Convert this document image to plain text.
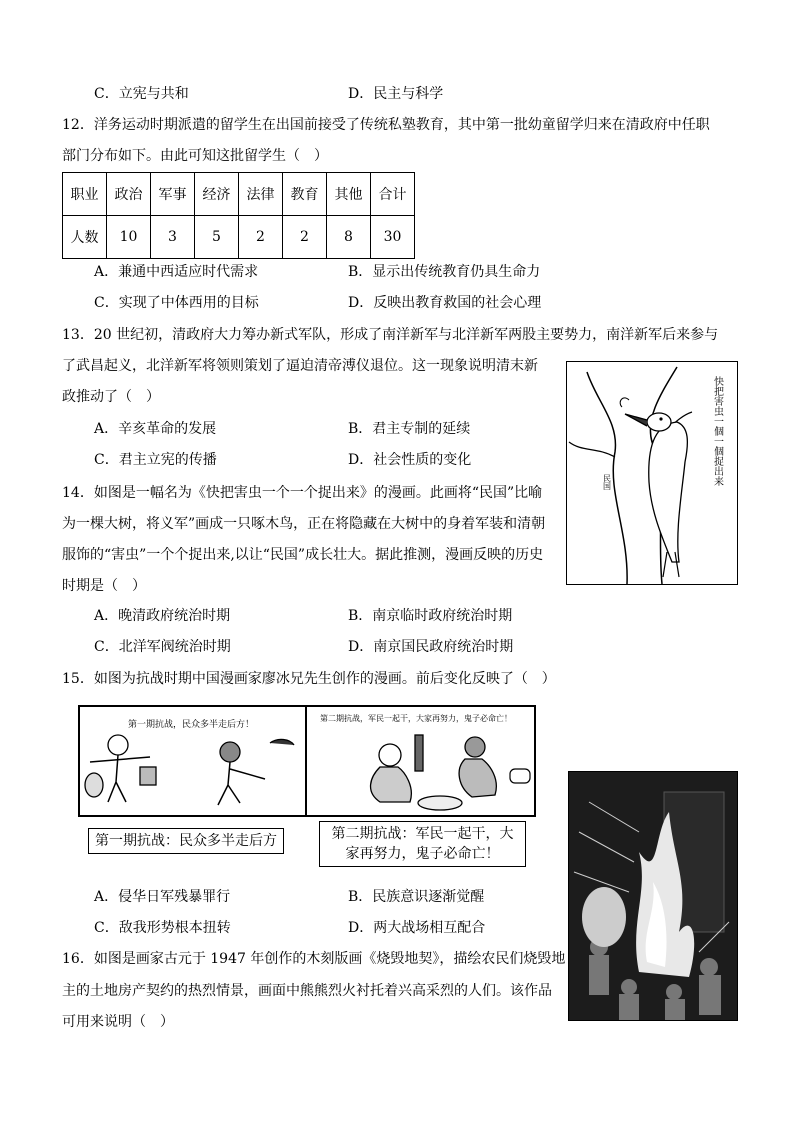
C．立宪与共和	D．民主与科学
12．洋务运动时期派遣的留学生在出国前接受了传统私塾教育，其中第一批幼童留学归来在清政府中任职
部门分布如下。由此可知这批留学生（　）
职业	政治	军事	经济	法律	教育	其他	合计
人数	10	3	5	2	2	8	30
A．兼通中西适应时代需求	B．显示出传统教育仍具生命力
C．实现了中体西用的目标	D．反映出教育救国的社会心理
13．20 世纪初，清政府大力筹办新式军队，形成了南洋新军与北洋新军两股主要势力，南洋新军后来参与
了武昌起义，北洋新军将领则策划了逼迫清帝溥仪退位。这一现象说明清末新
政推动了（　）
A．辛亥革命的发展	B．君主专制的延续
C．君主立宪的传播	D．社会性质的变化	快把害虫一個一個捉出来
民国
14．如图是一幅名为《快把害虫一个一个捉出来》的漫画。此画将“民国”比喻
为一棵大树，将义军”画成一只啄木鸟，正在将隐藏在大树中的身着军装和清朝
服饰的“害虫”一个个捉出来,以让“民国”成长壮大。据此推测，漫画反映的历史
时期是（　）
A．晚清政府统治时期	B．南京临时政府统治时期
C．北洋军阀统治时期	D．南京国民政府统治时期
15．如图为抗战时期中国漫画家廖冰兄先生创作的漫画。前后变化反映了（　）
第一期抗战，民众多半走后方！
第二期抗战，军民一起干，大家再努力，鬼子必命亡！
第一期抗战：民众多半走后方	第二期抗战：军民一起干，大
家再努力，鬼子必命亡！
A．侵华日军残暴罪行	B．民族意识逐渐觉醒
C．敌我形势根本扭转	D．两大战场相互配合
16．如图是画家古元于 1947 年创作的木刻版画《烧毁地契》，描绘农民们烧毁地
主的土地房产契约的热烈情景，画面中熊熊烈火衬托着兴高采烈的人们。该作品
可用来说明（　）
